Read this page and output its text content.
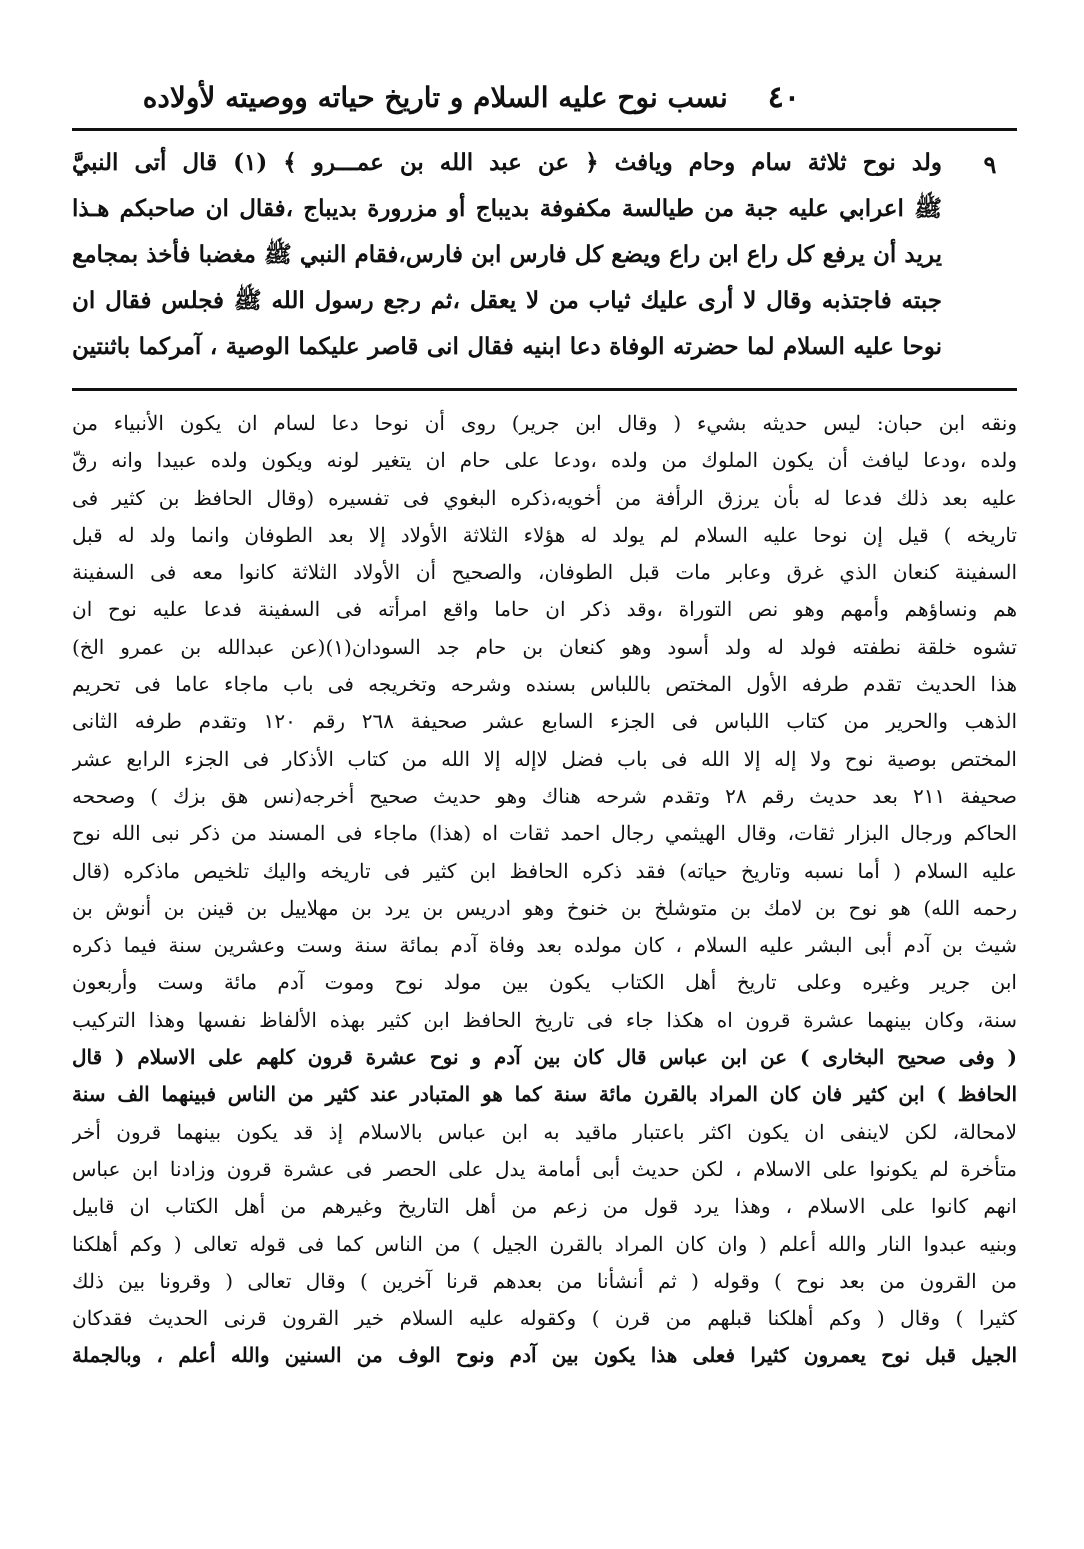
٤٠
نسب نوح عليه السلام و تاريخ حياته ووصيته لأولاده
٩
ولد نوح ثلاثة سام وحام ويافث ﴿ عن عبد الله بن عمـــرو ﴾ (١) قال أتى النبيَّ
ﷺ اعرابي عليه جبة من طيالسة مكفوفة بديباج أو مزرورة بديباج ،فقال ان صاحبكم هـذا
يريد أن يرفع كل راع ابن راع ويضع كل فارس ابن فارس،فقام النبي ﷺ مغضبا فأخذ بمجامع
جبته فاجتذبه وقال لا أرى عليك ثياب من لا يعقل ،ثم رجع رسول الله ﷺ فجلس فقال ان
نوحا عليه السلام لما حضرته الوفاة دعا ابنيه فقال انى قاصر عليكما الوصية ، آمركما باثنتين
ونقه ابن حبان: ليس حديثه بشيء ( وقال ابن جرير) روى أن نوحا دعا لسام ان يكون الأنبياء من
ولده ،ودعا ليافث أن يكون الملوك من ولده ،ودعا على حام ان يتغير لونه ويكون ولده عبيدا وانه رقّ
عليه بعد ذلك فدعا له بأن يرزق الرأفة من أخويه،ذكره البغوي فى تفسيره (وقال الحافظ بن كثير فى
تاريخه ) قيل إن نوحا عليه السلام لم يولد له هؤلاء الثلاثة الأولاد إلا بعد الطوفان وانما ولد له قبل
السفينة كنعان الذي غرق وعابر مات قبل الطوفان، والصحيح أن الأولاد الثلاثة كانوا معه فى السفينة
هم ونساؤهم وأمهم وهو نص التوراة ،وقد ذكر ان حاما واقع امرأته فى السفينة فدعا عليه نوح ان
تشوه خلقة نطفته فولد له ولد أسود وهو كنعان بن حام جد السودان(١)(عن عبدالله بن عمرو الخ)
هذا الحديث تقدم طرفه الأول المختص باللباس بسنده وشرحه وتخريجه فى باب ماجاء عاما فى تحريم
الذهب والحرير من كتاب اللباس فى الجزء السابع عشر صحيفة ٢٦٨ رقم ١٢٠ وتقدم طرفه الثانى
المختص بوصية نوح ولا إله إلا الله فى باب فضل لاإله إلا الله من كتاب الأذكار فى الجزء الرابع عشر
صحيفة ٢١١ بعد حديث رقم ٢٨ وتقدم شرحه هناك وهو حديث صحيح أخرجه(نس هق بزك ) وصححه
الحاكم ورجال البزار ثقات، وقال الهيثمي رجال احمد ثقات اه (هذا) ماجاء فى المسند من ذكر نبى الله نوح
عليه السلام ( أما نسبه وتاريخ حياته) فقد ذكره الحافظ ابن كثير فى تاريخه واليك تلخيص ماذكره (قال
رحمه الله) هو نوح بن لامك بن متوشلخ بن خنوخ وهو ادريس بن يرد بن مهلاييل بن قينن بن أنوش بن
شيث بن آدم أبى البشر عليه السلام ، كان مولده بعد وفاة آدم بمائة سنة وست وعشرين سنة فيما ذكره
ابن جرير وغيره وعلى تاريخ أهل الكتاب يكون بين مولد نوح وموت آدم مائة وست وأربعون
سنة، وكان بينهما عشرة قرون اه هكذا جاء فى تاريخ الحافظ ابن كثير بهذه الألفاظ نفسها وهذا التركيب
( وفى صحيح البخارى ) عن ابن عباس قال كان بين آدم و نوح عشرة قرون كلهم على الاسلام ( قال
الحافظ ) ابن كثير فان كان المراد بالقرن مائة سنة كما هو المتبادر عند كثير من الناس فبينهما الف سنة
لامحالة، لكن لاينفى ان يكون اكثر باعتبار ماقيد به ابن عباس بالاسلام إذ قد يكون بينهما قرون أخر
متأخرة لم يكونوا على الاسلام ، لكن حديث أبى أمامة يدل على الحصر فى عشرة قرون وزادنا ابن عباس
انهم كانوا على الاسلام ، وهذا يرد قول من زعم من أهل التاريخ وغيرهم من أهل الكتاب ان قابيل
وبنيه عبدوا النار والله أعلم ( وان كان المراد بالقرن الجيل ) من الناس كما فى قوله تعالى ( وكم أهلكنا
من القرون من بعد نوح ) وقوله ( ثم أنشأنا من بعدهم قرنا آخرين ) وقال تعالى ( وقرونا بين ذلك
كثيرا ) وقال ( وكم أهلكنا قبلهم من قرن ) وكقوله عليه السلام خير القرون قرنى الحديث فقدكان
الجيل قبل نوح يعمرون كثيرا فعلى هذا يكون بين آدم ونوح الوف من السنين والله أعلم ، وبالجملة
